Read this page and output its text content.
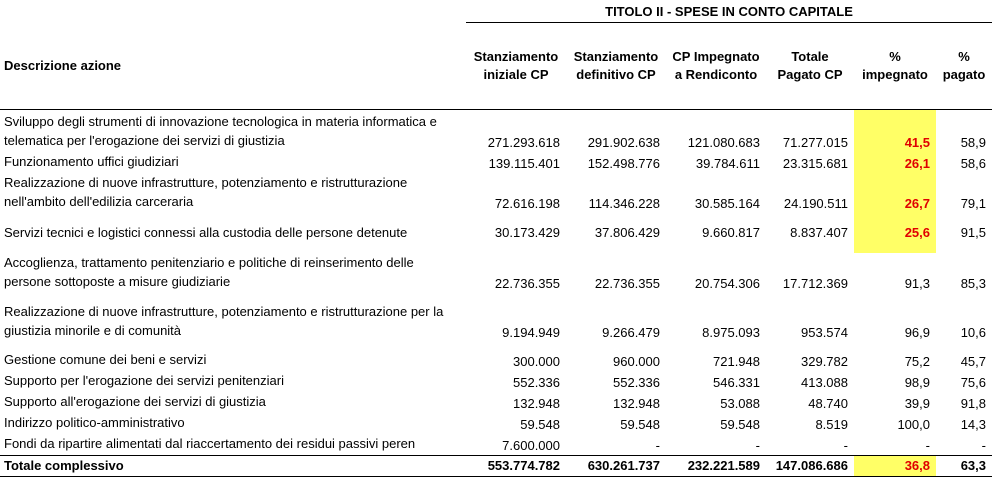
	TITOLO II - SPESE IN CONTO CAPITALE					
Descrizione azione	Stanziamento iniziale CP	Stanziamento definitivo CP	CP Impegnato a Rendiconto	Totale Pagato CP	% impegnato	% pagato
Sviluppo degli strumenti di innovazione tecnologica in materia informatica e telematica per l'erogazione dei servizi di giustizia	271.293.618	291.902.638	121.080.683	71.277.015	41,5	58,9
Funzionamento uffici giudiziari	139.115.401	152.498.776	39.784.611	23.315.681	26,1	58,6
Realizzazione di nuove infrastrutture, potenziamento e ristrutturazione nell'ambito dell'edilizia carceraria	72.616.198	114.346.228	30.585.164	24.190.511	26,7	79,1
Servizi tecnici e logistici connessi alla custodia delle persone detenute	30.173.429	37.806.429	9.660.817	8.837.407	25,6	91,5
Accoglienza, trattamento penitenziario e politiche di reinserimento delle persone sottoposte a misure giudiziarie	22.736.355	22.736.355	20.754.306	17.712.369	91,3	85,3
Realizzazione di nuove infrastrutture, potenziamento e ristrutturazione per la giustizia minorile e di comunità	9.194.949	9.266.479	8.975.093	953.574	96,9	10,6
Gestione comune dei beni e servizi	300.000	960.000	721.948	329.782	75,2	45,7
Supporto per l'erogazione dei servizi penitenziari	552.336	552.336	546.331	413.088	98,9	75,6
Supporto all'erogazione dei servizi di giustizia	132.948	132.948	53.088	48.740	39,9	91,8
Indirizzo politico-amministrativo	59.548	59.548	59.548	8.519	100,0	14,3
Fondi da ripartire alimentati dal riaccertamento dei residui passivi peren	7.600.000	-	-	-	-	-
Totale complessivo	553.774.782	630.261.737	232.221.589	147.086.686	36,8	63,3
